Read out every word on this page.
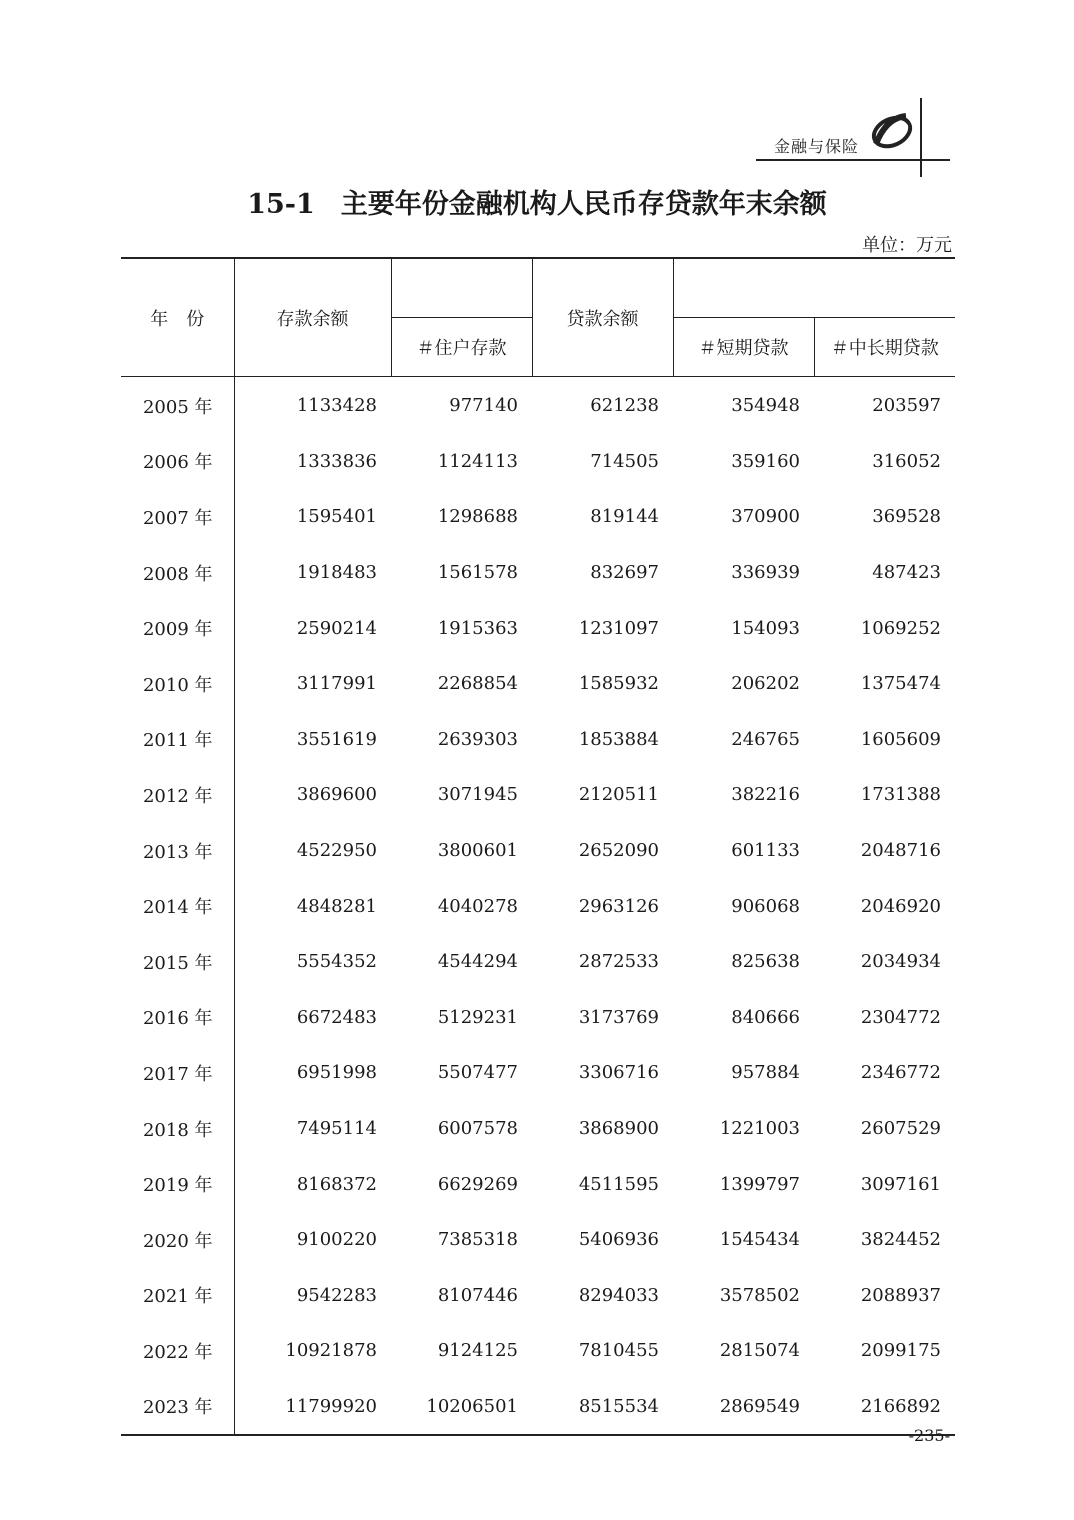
金融与保险
15-1 主要年份金融机构人民币存贷款年末余额
单位：万元
年　份	存款余额		贷款余额		
		＃住户存款		＃短期贷款	＃中长期贷款
2005 年	1133428	977140	621238	354948	203597
2006 年	1333836	1124113	714505	359160	316052
2007 年	1595401	1298688	819144	370900	369528
2008 年	1918483	1561578	832697	336939	487423
2009 年	2590214	1915363	1231097	154093	1069252
2010 年	3117991	2268854	1585932	206202	1375474
2011 年	3551619	2639303	1853884	246765	1605609
2012 年	3869600	3071945	2120511	382216	1731388
2013 年	4522950	3800601	2652090	601133	2048716
2014 年	4848281	4040278	2963126	906068	2046920
2015 年	5554352	4544294	2872533	825638	2034934
2016 年	6672483	5129231	3173769	840666	2304772
2017 年	6951998	5507477	3306716	957884	2346772
2018 年	7495114	6007578	3868900	1221003	2607529
2019 年	8168372	6629269	4511595	1399797	3097161
2020 年	9100220	7385318	5406936	1545434	3824452
2021 年	9542283	8107446	8294033	3578502	2088937
2022 年	10921878	9124125	7810455	2815074	2099175
2023 年	11799920	10206501	8515534	2869549	2166892
-235-
